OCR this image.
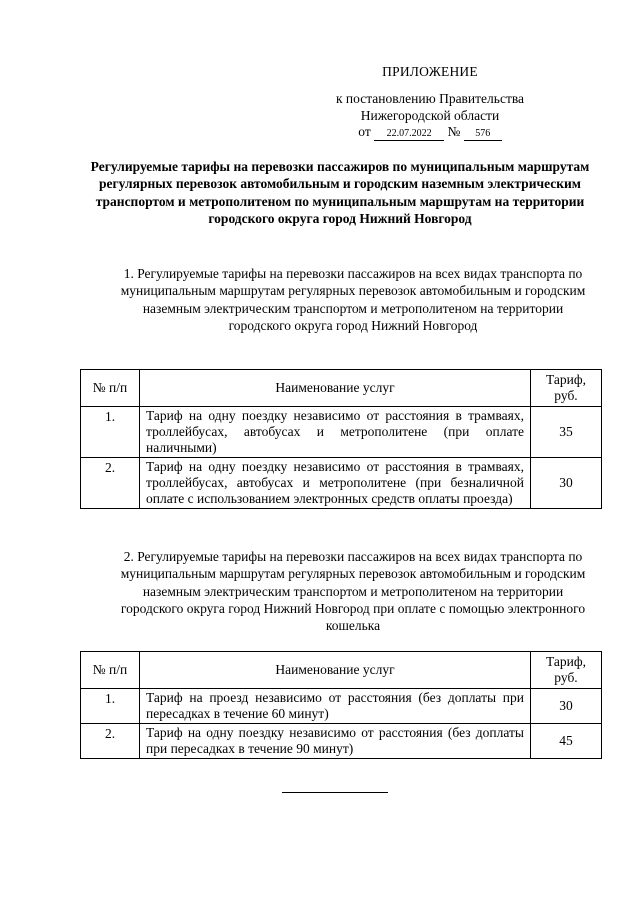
ПРИЛОЖЕНИЕ
к постановлению Правительства
Нижегородской области
от 22.07.2022 № 576
Регулируемые тарифы на перевозки пассажиров по муниципальным маршрутам регулярных перевозок автомобильным и городским наземным электрическим транспортом и метрополитеном по муниципальным маршрутам на территории городского округа город Нижний Новгород
1. Регулируемые тарифы на перевозки пассажиров на всех видах транспорта по муниципальным маршрутам регулярных перевозок автомобильным и городским наземным электрическим транспортом и метрополитеном на территории городского округа город Нижний Новгород
№ п/п	Наименование услуг	Тариф, руб.
1.	Тариф на одну поездку независимо от расстояния в трамваях, троллейбусах, автобусах и метрополитене (при оплате наличными)	35
2.	Тариф на одну поездку независимо от расстояния в трамваях, троллейбусах, автобусах и метрополитене (при безналичной оплате с использованием электронных средств оплаты проезда)	30
2. Регулируемые тарифы на перевозки пассажиров на всех видах транспорта по муниципальным маршрутам регулярных перевозок автомобильным и городским наземным электрическим транспортом и метрополитеном на территории городского округа город Нижний Новгород при оплате с помощью электронного кошелька
№ п/п	Наименование услуг	Тариф, руб.
1.	Тариф на проезд независимо от расстояния (без доплаты при пересадках в течение 60 минут)	30
2.	Тариф на одну поездку независимо от расстояния (без доплаты при пересадках в течение 90 минут)	45
